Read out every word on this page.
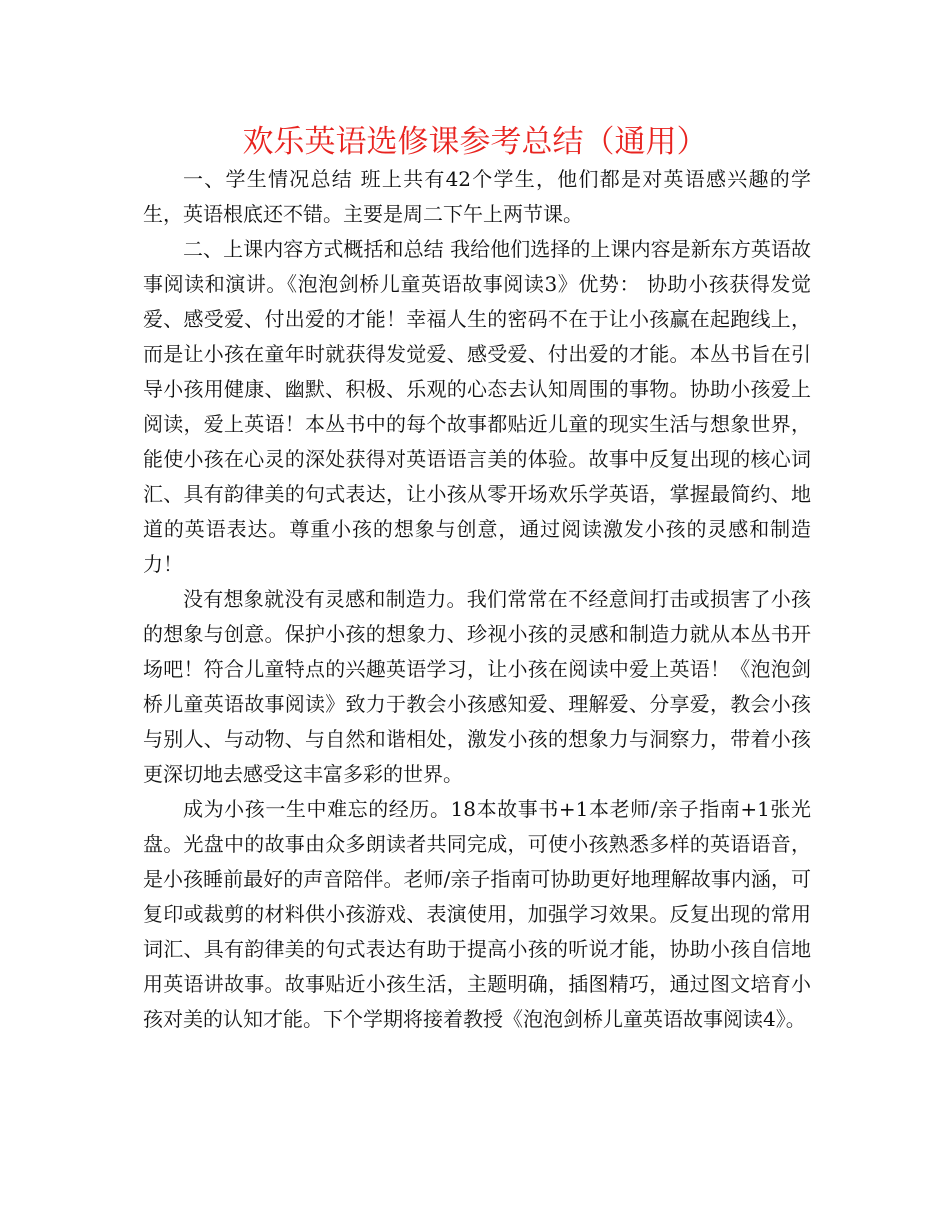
欢乐英语选修课参考总结（通用）

一、学生情况总结 班上共有42个学生，他们都是对英语感兴趣的学生，英语根底还不错。主要是周二下午上两节课。

二、上课内容方式概括和总结 我给他们选择的上课内容是新东方英语故事阅读和演讲。《泡泡剑桥儿童英语故事阅读3》优势： 协助小孩获得发觉爱、感受爱、付出爱的才能！幸福人生的密码不在于让小孩赢在起跑线上，而是让小孩在童年时就获得发觉爱、感受爱、付出爱的才能。本丛书旨在引导小孩用健康、幽默、积极、乐观的心态去认知周围的事物。协助小孩爱上阅读，爱上英语！本丛书中的每个故事都贴近儿童的现实生活与想象世界，能使小孩在心灵的深处获得对英语语言美的体验。故事中反复出现的核心词汇、具有韵律美的句式表达，让小孩从零开场欢乐学英语，掌握最简约、地道的英语表达。尊重小孩的想象与创意，通过阅读激发小孩的灵感和制造力！

没有想象就没有灵感和制造力。我们常常在不经意间打击或损害了小孩的想象与创意。保护小孩的想象力、珍视小孩的灵感和制造力就从本丛书开场吧！符合儿童特点的兴趣英语学习，让小孩在阅读中爱上英语！《泡泡剑桥儿童英语故事阅读》致力于教会小孩感知爱、理解爱、分享爱，教会小孩与别人、与动物、与自然和谐相处，激发小孩的想象力与洞察力，带着小孩更深切地去感受这丰富多彩的世界。

成为小孩一生中难忘的经历。18本故事书+1本老师/亲子指南+1张光盘。光盘中的故事由众多朗读者共同完成，可使小孩熟悉多样的英语语音，是小孩睡前最好的声音陪伴。老师/亲子指南可协助更好地理解故事内涵，可复印或裁剪的材料供小孩游戏、表演使用，加强学习效果。反复出现的常用词汇、具有韵律美的句式表达有助于提高小孩的听说才能，协助小孩自信地用英语讲故事。故事贴近小孩生活，主题明确，插图精巧，通过图文培育小孩对美的认知才能。下个学期将接着教授《泡泡剑桥儿童英语故事阅读4》。
